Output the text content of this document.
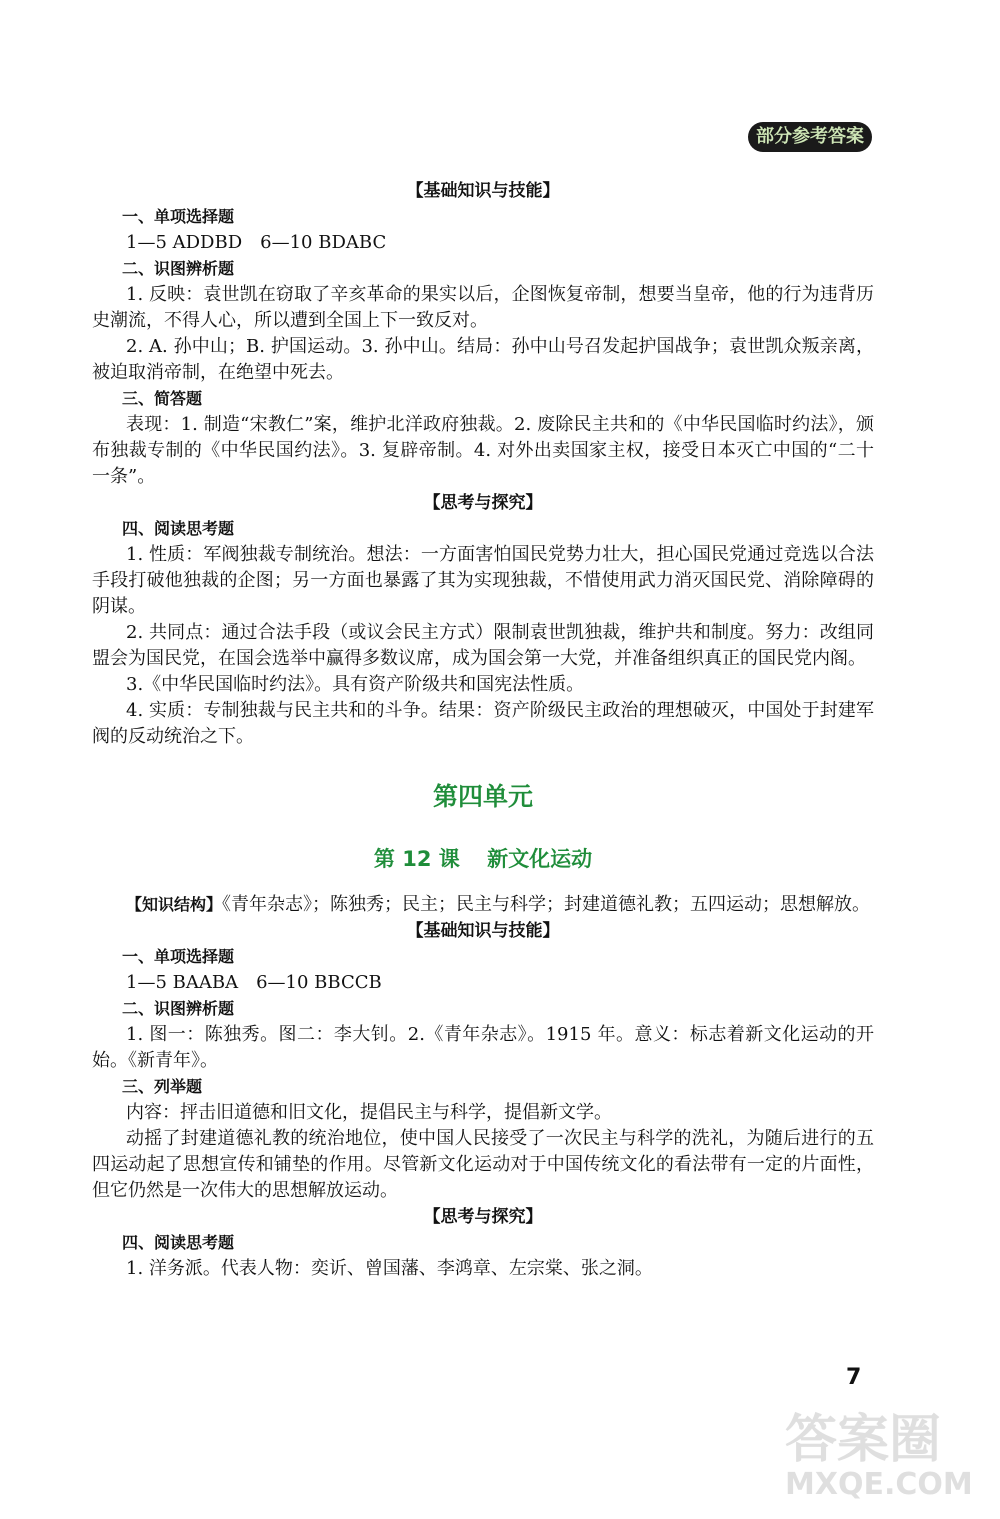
部分参考答案

【基础知识与技能】

一、单项选择题

1—5 ADDBD　6—10 BDABC

二、识图辨析题

1. 反映：袁世凯在窃取了辛亥革命的果实以后，企图恢复帝制，想要当皇帝，他的行为违背历史潮流，不得人心，所以遭到全国上下一致反对。

2. A. 孙中山；B. 护国运动。3. 孙中山。结局：孙中山号召发起护国战争；袁世凯众叛亲离，被迫取消帝制，在绝望中死去。

三、简答题

表现：1. 制造“宋教仁”案，维护北洋政府独裁。2. 废除民主共和的《中华民国临时约法》，颁布独裁专制的《中华民国约法》。3. 复辟帝制。4. 对外出卖国家主权，接受日本灭亡中国的“二十一条”。

【思考与探究】

四、阅读思考题

1. 性质：军阀独裁专制统治。想法：一方面害怕国民党势力壮大，担心国民党通过竞选以合法手段打破他独裁的企图；另一方面也暴露了其为实现独裁，不惜使用武力消灭国民党、消除障碍的阴谋。

2. 共同点：通过合法手段（或议会民主方式）限制袁世凯独裁，维护共和制度。努力：改组同盟会为国民党，在国会选举中赢得多数议席，成为国会第一大党，并准备组织真正的国民党内阁。

3.《中华民国临时约法》。具有资产阶级共和国宪法性质。

4. 实质：专制独裁与民主共和的斗争。结果：资产阶级民主政治的理想破灭，中国处于封建军阀的反动统治之下。

第四单元
第 12 课 新文化运动

【知识结构】《青年杂志》；陈独秀；民主；民主与科学；封建道德礼教；五四运动；思想解放。

【基础知识与技能】

一、单项选择题

1—5 BAABA　6—10 BBCCB

二、识图辨析题

1. 图一：陈独秀。图二：李大钊。2.《青年杂志》。1915 年。意义：标志着新文化运动的开始。《新青年》。

三、列举题

内容：抨击旧道德和旧文化，提倡民主与科学，提倡新文学。

动摇了封建道德礼教的统治地位，使中国人民接受了一次民主与科学的洗礼，为随后进行的五四运动起了思想宣传和铺垫的作用。尽管新文化运动对于中国传统文化的看法带有一定的片面性，但它仍然是一次伟大的思想解放运动。

【思考与探究】

四、阅读思考题

1. 洋务派。代表人物：奕䜣、曾国藩、李鸿章、左宗棠、张之洞。

7
答案圈
MXQE.COM
